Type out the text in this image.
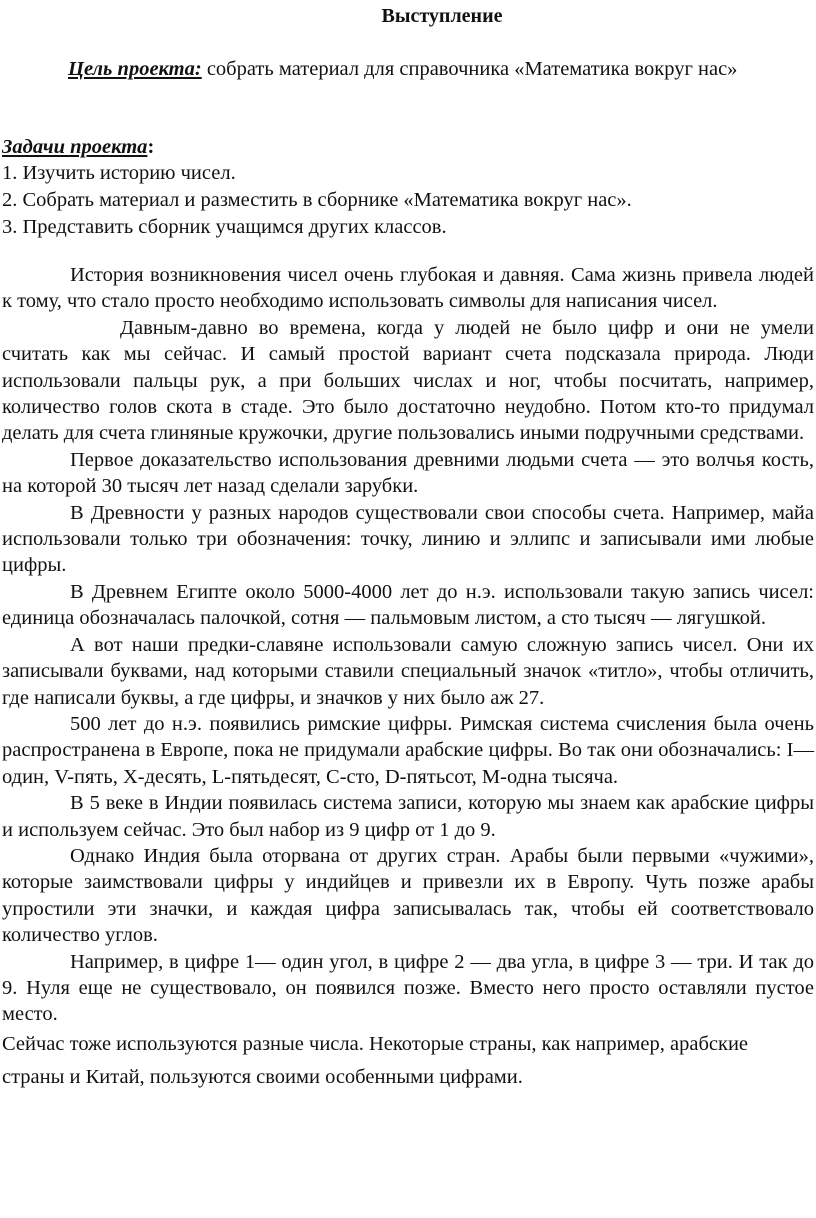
Выступление
Цель проекта: собрать материал для справочника «Математика вокруг нас»
Задачи проекта:
1. Изучить историю чисел.
2. Собрать материал и разместить в сборнике «Математика вокруг нас».
3. Представить сборник учащимся других классов.

История возникновения чисел очень глубокая и давняя. Сама жизнь привела людей к тому, что стало просто необходимо использовать символы для написания чисел.

Давным-давно во времена, когда у людей не было цифр и они не умели считать как мы сейчас. И самый простой вариант счета подсказала природа. Люди использовали пальцы рук, а при больших числах и ног, чтобы посчитать, например, количество голов скота в стаде. Это было достаточно неудобно. Потом кто-то придумал делать для счета глиняные кружочки, другие пользовались иными подручными средствами.

Первое доказательство использования древними людьми счета — это волчья кость, на которой 30 тысяч лет назад сделали зарубки.

В Древности у разных народов существовали свои способы счета. Например, майа использовали только три обозначения: точку, линию и эллипс и записывали ими любые цифры.

В Древнем Египте около 5000-4000 лет до н.э. использовали такую запись чисел: единица обозначалась палочкой, сотня — пальмовым листом, а сто тысяч — лягушкой.

А вот наши предки-славяне использовали самую сложную запись чисел. Они их записывали буквами, над которыми ставили специальный значок «титло», чтобы отличить, где написали буквы, а где цифры, и значков у них было аж 27.

500 лет до н.э. появились римские цифры. Римская система счисления была очень распространена в Европе, пока не придумали арабские цифры. Во так они обозначались: I—один, V-пять, X-десять, L-пятьдесят, C-сто, D-пятьсот, M-одна тысяча.

В 5 веке в Индии появилась система записи, которую мы знаем как арабские цифры и используем сейчас. Это был набор из 9 цифр от 1 до 9.

Однако Индия была оторвана от других стран. Арабы были первыми «чужими», которые заимствовали цифры у индийцев и привезли их в Европу. Чуть позже арабы упростили эти значки, и каждая цифра записывалась так, чтобы ей соответствовало количество углов.

Например, в цифре 1— один угол, в цифре 2 — два угла, в цифре 3 — три. И так до 9. Нуля еще не существовало, он появился позже. Вместо него просто оставляли пустое место.

Сейчас тоже используются разные числа. Некоторые страны, как например, арабские страны и Китай, пользуются своими особенными цифрами.
